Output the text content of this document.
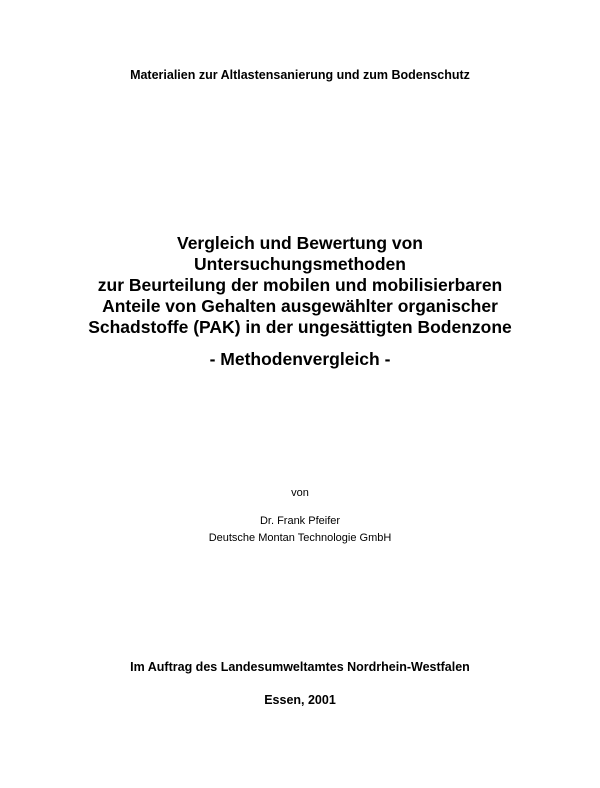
Materialien zur Altlastensanierung und zum Bodenschutz
Vergleich und Bewertung von
Untersuchungsmethoden
zur Beurteilung der mobilen und mobilisierbaren
Anteile von Gehalten ausgewählter organischer
Schadstoffe (PAK) in der ungesättigten Bodenzone
- Methodenvergleich -
von
Dr. Frank Pfeifer
Deutsche Montan Technologie GmbH
Im Auftrag des Landesumweltamtes Nordrhein-Westfalen
Essen, 2001
